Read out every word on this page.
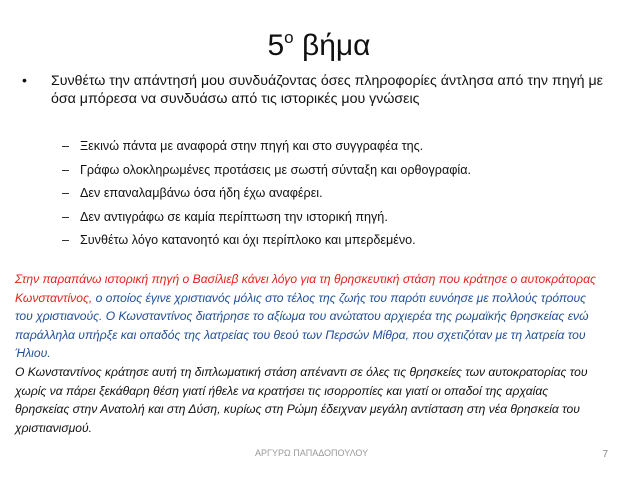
$5^o$ βήμα
• Συνθέτω την απάντησή μου συνδυάζοντας όσες πληροφορίες άντλησα από την πηγή με όσα μπόρεσα να συνδυάσω από τις ιστορικές μου γνώσεις
– Ξεκινώ πάντα με αναφορά στην πηγή και στο συγγραφέα της.
– Γράφω ολοκληρωμένες προτάσεις με σωστή σύνταξη και ορθογραφία.
– Δεν επαναλαμβάνω όσα ήδη έχω αναφέρει.
– Δεν αντιγράφω σε καμία περίπτωση την ιστορική πηγή.
– Συνθέτω λόγο κατανοητό και όχι περίπλοκο και μπερδεμένο.
Στην παραπάνω ιστορική πηγή ο Βασίλιεβ κάνει λόγο για τη θρησκευτική στάση που κράτησε ο αυτοκράτορας Κωνσταντίνος, ο οποίος έγινε χριστιανός μόλις στο τέλος της ζωής του παρότι ευνόησε με πολλούς τρόπους του χριστιανούς. Ο Κωνσταντίνος διατήρησε το αξίωμα του ανώτατου αρχιερέα της ρωμαϊκής θρησκείας ενώ παράλληλα υπήρξε και οπαδός της λατρείας του θεού των Περσών Μίθρα, που σχετιζόταν με τη λατρεία του Ήλιου.
Ο Κωνσταντίνος κράτησε αυτή τη διπλωματική στάση απέναντι σε όλες τις θρησκείες των αυτοκρατορίας του χωρίς να πάρει ξεκάθαρη θέση γιατί ήθελε να κρατήσει τις ισορροπίες και γιατί οι οπαδοί της αρχαίας θρησκείας στην Ανατολή και στη Δύση, κυρίως στη Ρώμη έδειχναν μεγάλη αντίσταση στη νέα θρησκεία του χριστιανισμού.
ΑΡΓΥΡΩ ΠΑΠΑΔΟΠΟΥΛΟΥ	7
